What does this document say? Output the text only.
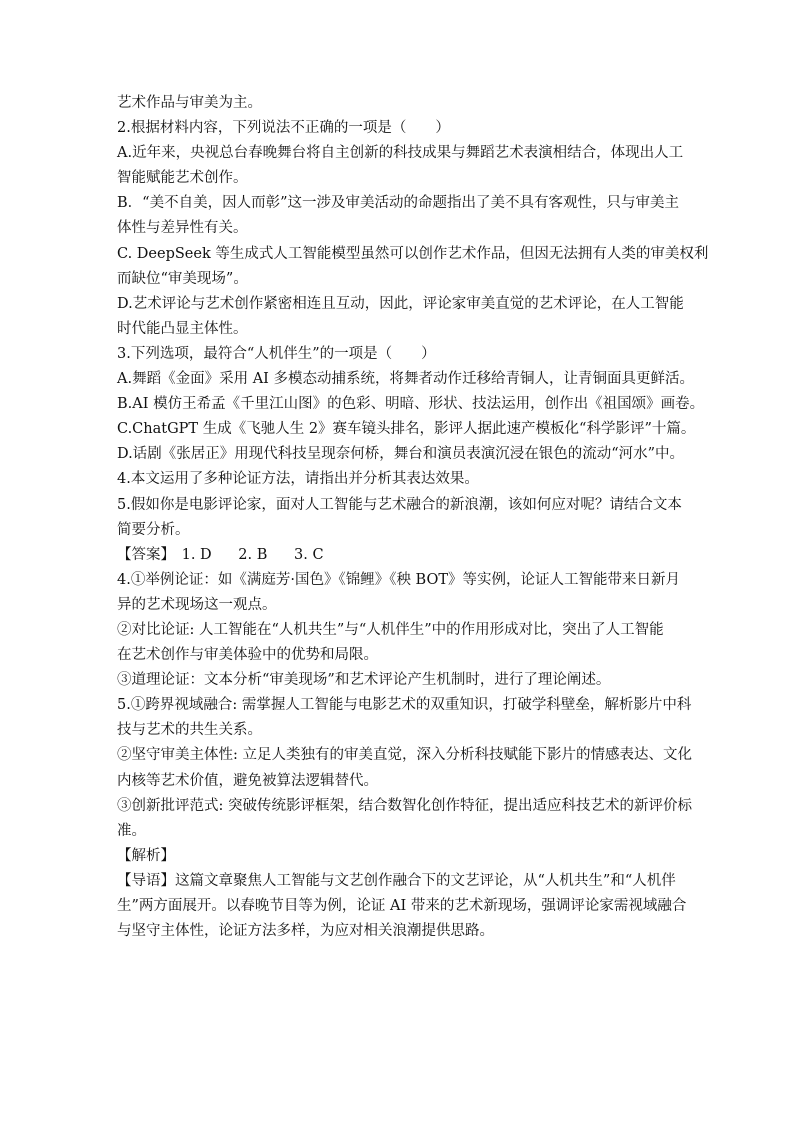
艺术作品与审美为主。
2.根据材料内容，下列说法不正确的一项是（　　）
A.近年来，央视总台春晚舞台将自主创新的科技成果与舞蹈艺术表演相结合，体现出人工
智能赋能艺术创作。
B．“美不自美，因人而彰”这一涉及审美活动的命题指出了美不具有客观性，只与审美主
体性与差异性有关。
C. DeepSeek 等生成式人工智能模型虽然可以创作艺术作品，但因无法拥有人类的审美权利
而缺位“审美现场”。
D.艺术评论与艺术创作紧密相连且互动，因此，评论家审美直觉的艺术评论，在人工智能
时代能凸显主体性。
3.下列选项，最符合“人机伴生”的一项是（　　）
A.舞蹈《金面》采用 AI 多模态动捕系统，将舞者动作迁移给青铜人，让青铜面具更鲜活。
B.AI 模仿王希孟《千里江山图》的色彩、明暗、形状、技法运用，创作出《祖国颂》画卷。
C.ChatGPT 生成《飞驰人生 2》赛车镜头排名，影评人据此速产模板化“科学影评”十篇。
D.话剧《张居正》用现代科技呈现奈何桥，舞台和演员表演沉浸在银色的流动“河水”中。
4.本文运用了多种论证方法，请指出并分析其表达效果。
5.假如你是电影评论家，面对人工智能与艺术融合的新浪潮，该如何应对呢？请结合文本
简要分析。
【答案】 1. D 2. B 3. C
4.①举例论证：如《满庭芳·国色》《锦鲤》《秧 BOT》等实例，论证人工智能带来日新月
异的艺术现场这一观点。
②对比论证: 人工智能在“人机共生”与“人机伴生”中的作用形成对比，突出了人工智能
在艺术创作与审美体验中的优势和局限。
③道理论证：文本分析“审美现场”和艺术评论产生机制时，进行了理论阐述。
5.①跨界视域融合: 需掌握人工智能与电影艺术的双重知识，打破学科壁垒，解析影片中科
技与艺术的共生关系。
②坚守审美主体性: 立足人类独有的审美直觉，深入分析科技赋能下影片的情感表达、文化
内核等艺术价值，避免被算法逻辑替代。
③创新批评范式: 突破传统影评框架，结合数智化创作特征，提出适应科技艺术的新评价标
准。
【解析】
【导语】这篇文章聚焦人工智能与文艺创作融合下的文艺评论，从“人机共生”和“人机伴
生”两方面展开。以春晚节目等为例，论证 AI 带来的艺术新现场，强调评论家需视域融合
与坚守主体性，论证方法多样，为应对相关浪潮提供思路。
